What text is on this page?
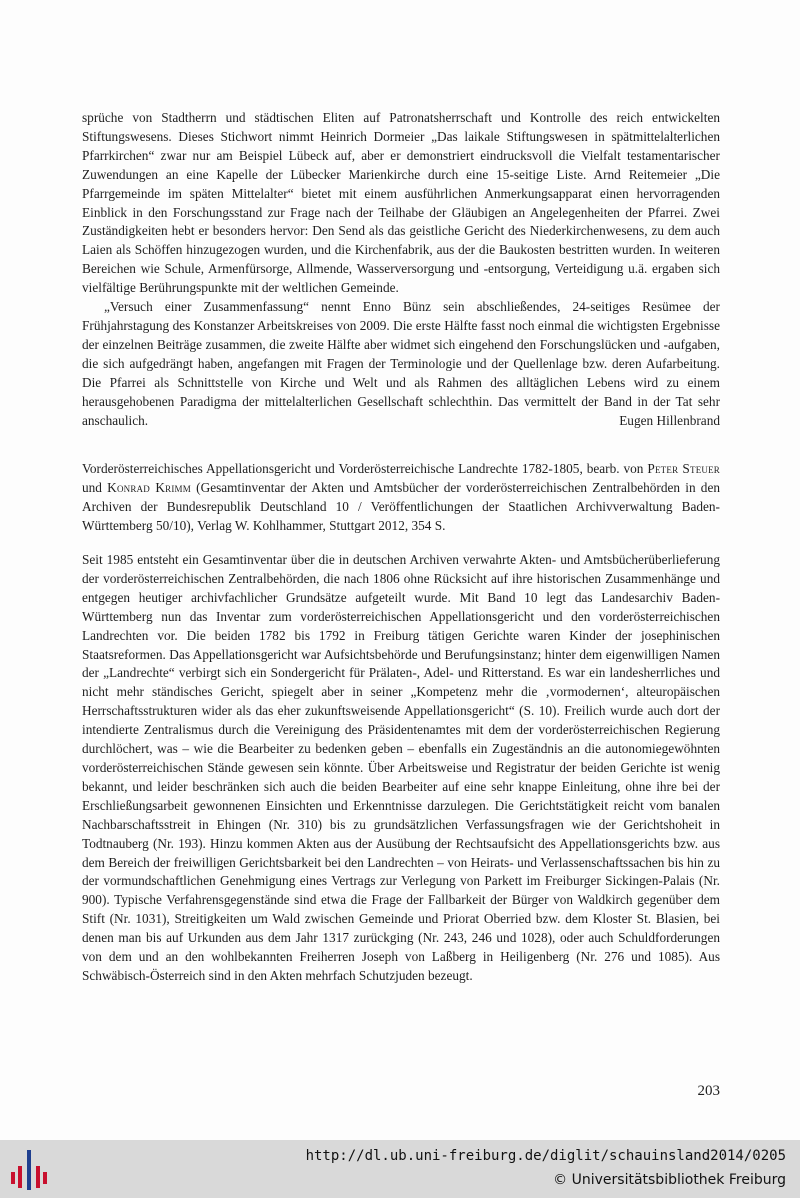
sprüche von Stadtherrn und städtischen Eliten auf Patronatsherrschaft und Kontrolle des reich entwickelten Stiftungswesens. Dieses Stichwort nimmt Heinrich Dormeier „Das laikale Stiftungswesen in spätmittelalterlichen Pfarrkirchen“ zwar nur am Beispiel Lübeck auf, aber er demonstriert eindrucksvoll die Vielfalt testamentarischer Zuwendungen an eine Kapelle der Lübecker Marienkirche durch eine 15-seitige Liste. Arnd Reitemeier „Die Pfarrgemeinde im späten Mittelalter“ bietet mit einem ausführlichen Anmerkungsapparat einen hervorragenden Einblick in den Forschungsstand zur Frage nach der Teilhabe der Gläubigen an Angelegenheiten der Pfarrei. Zwei Zuständigkeiten hebt er besonders hervor: Den Send als das geistliche Gericht des Niederkirchenwesens, zu dem auch Laien als Schöffen hinzugezogen wurden, und die Kirchenfabrik, aus der die Baukosten bestritten wurden. In weiteren Bereichen wie Schule, Armenfürsorge, Allmende, Wasserversorgung und -entsorgung, Verteidigung u.ä. ergaben sich vielfältige Berührungspunkte mit der weltlichen Gemeinde.

„Versuch einer Zusammenfassung“ nennt Enno Bünz sein abschließendes, 24-seitiges Resümee der Frühjahrstagung des Konstanzer Arbeitskreises von 2009. Die erste Hälfte fasst noch einmal die wichtigsten Ergebnisse der einzelnen Beiträge zusammen, die zweite Hälfte aber widmet sich eingehend den Forschungslücken und -aufgaben, die sich aufgedrängt haben, angefangen mit Fragen der Terminologie und der Quellenlage bzw. deren Aufarbeitung. Die Pfarrei als Schnittstelle von Kirche und Welt und als Rahmen des alltäglichen Lebens wird zu einem herausgehobenen Paradigma der mittelalterlichen Gesellschaft schlechthin. Das vermittelt der Band in der Tat sehr anschaulich.	Eugen Hillenbrand

Vorderösterreichisches Appellationsgericht und Vorderösterreichische Landrechte 1782-1805, bearb. von Peter Steuer und Konrad Krimm (Gesamtinventar der Akten und Amtsbücher der vorderösterreichischen Zentralbehörden in den Archiven der Bundesrepublik Deutschland 10 / Veröffentlichungen der Staatlichen Archivverwaltung Baden-Württemberg 50/10), Verlag W. Kohlhammer, Stuttgart 2012, 354 S.

Seit 1985 entsteht ein Gesamtinventar über die in deutschen Archiven verwahrte Akten- und Amtsbücherüberlieferung der vorderösterreichischen Zentralbehörden, die nach 1806 ohne Rücksicht auf ihre historischen Zusammenhänge und entgegen heutiger archivfachlicher Grundsätze aufgeteilt wurde. Mit Band 10 legt das Landesarchiv Baden-Württemberg nun das Inventar zum vorderösterreichischen Appellationsgericht und den vorderösterreichischen Landrechten vor. Die beiden 1782 bis 1792 in Freiburg tätigen Gerichte waren Kinder der josephinischen Staatsreformen. Das Appellationsgericht war Aufsichtsbehörde und Berufungsinstanz; hinter dem eigenwilligen Namen der „Landrechte“ verbirgt sich ein Sondergericht für Prälaten-, Adel- und Ritterstand. Es war ein landesherrliches und nicht mehr ständisches Gericht, spiegelt aber in seiner „Kompetenz mehr die ‚vormodernen‘, alteuropäischen Herrschaftsstrukturen wider als das eher zukunftsweisende Appellationsgericht“ (S. 10). Freilich wurde auch dort der intendierte Zentralismus durch die Vereinigung des Präsidentenamtes mit dem der vorderösterreichischen Regierung durchlöchert, was – wie die Bearbeiter zu bedenken geben – ebenfalls ein Zugeständnis an die autonomiegewöhnten vorderösterreichischen Stände gewesen sein könnte. Über Arbeitsweise und Registratur der beiden Gerichte ist wenig bekannt, und leider beschränken sich auch die beiden Bearbeiter auf eine sehr knappe Einleitung, ohne ihre bei der Erschließungsarbeit gewonnenen Einsichten und Erkenntnisse darzulegen. Die Gerichtstätigkeit reicht vom banalen Nachbarschaftsstreit in Ehingen (Nr. 310) bis zu grundsätzlichen Verfassungsfragen wie der Gerichtshoheit in Todtnauberg (Nr. 193). Hinzu kommen Akten aus der Ausübung der Rechtsaufsicht des Appellationsgerichts bzw. aus dem Bereich der freiwilligen Gerichtsbarkeit bei den Landrechten – von Heirats- und Verlassenschaftssachen bis hin zu der vormundschaftlichen Genehmigung eines Vertrags zur Verlegung von Parkett im Freiburger Sickingen-Palais (Nr. 900). Typische Verfahrensgegenstände sind etwa die Frage der Fallbarkeit der Bürger von Waldkirch gegenüber dem Stift (Nr. 1031), Streitigkeiten um Wald zwischen Gemeinde und Priorat Oberried bzw. dem Kloster St. Blasien, bei denen man bis auf Urkunden aus dem Jahr 1317 zurückging (Nr. 243, 246 und 1028), oder auch Schuldforderungen von dem und an den wohlbekannten Freiherren Joseph von Laßberg in Heiligenberg (Nr. 276 und 1085). Aus Schwäbisch-Österreich sind in den Akten mehrfach Schutzjuden bezeugt.

203
http://dl.ub.uni-freiburg.de/diglit/schauinsland2014/0205
© Universitätsbibliothek Freiburg
